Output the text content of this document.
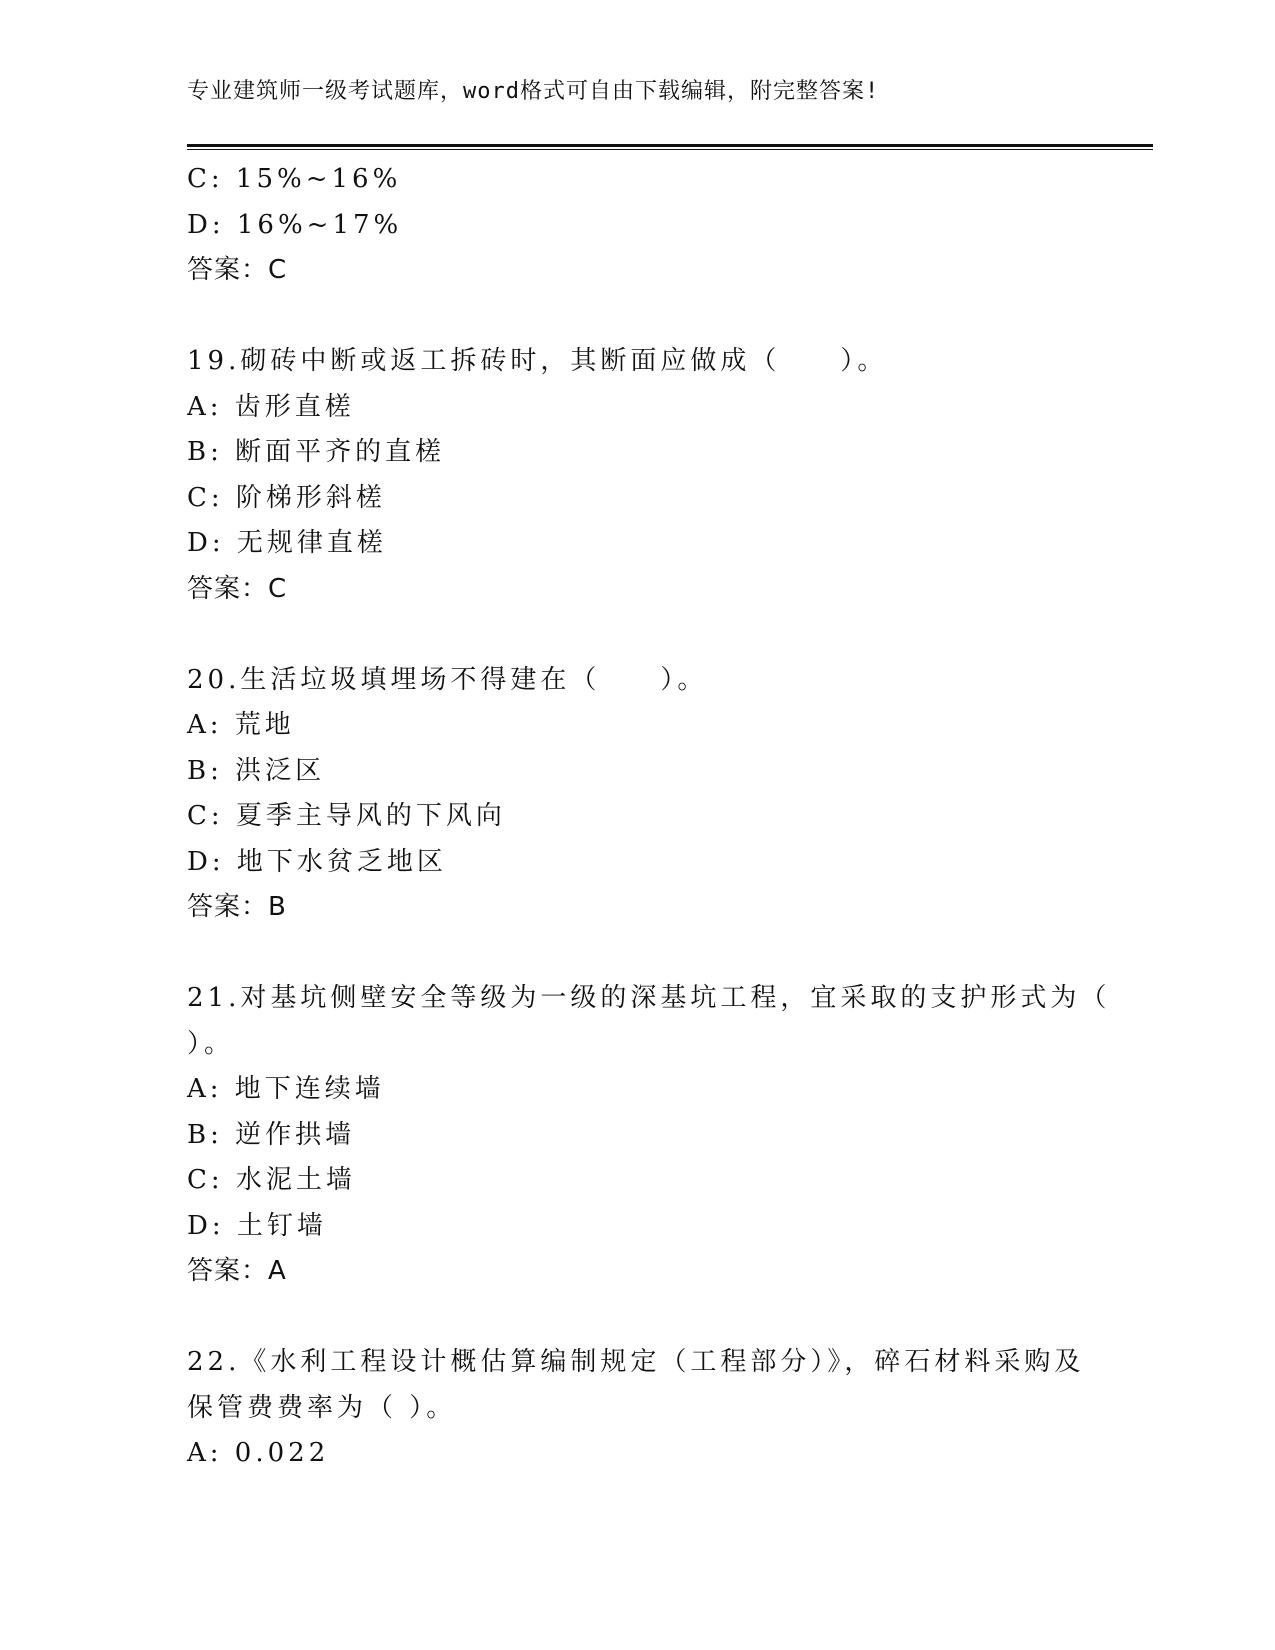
专业建筑师一级考试题库，word格式可自由下载编辑，附完整答案!
C: 15%~16%
D: 16%~17%
答案：C
19.砌砖中断或返工拆砖时，其断面应做成（　　）。
A: 齿形直槎
B: 断面平齐的直槎
C: 阶梯形斜槎
D: 无规律直槎
答案：C
20.生活垃圾填埋场不得建在（　　）。
A: 荒地
B: 洪泛区
C: 夏季主导风的下风向
D: 地下水贫乏地区
答案：B
21.对基坑侧壁安全等级为一级的深基坑工程，宜采取的支护形式为（
）。
A: 地下连续墙
B: 逆作拱墙
C: 水泥土墙
D: 土钉墙
答案：A
22.《水利工程设计概估算编制规定（工程部分）》，碎石材料采购及
保管费费率为（ ）。
A: 0.022
